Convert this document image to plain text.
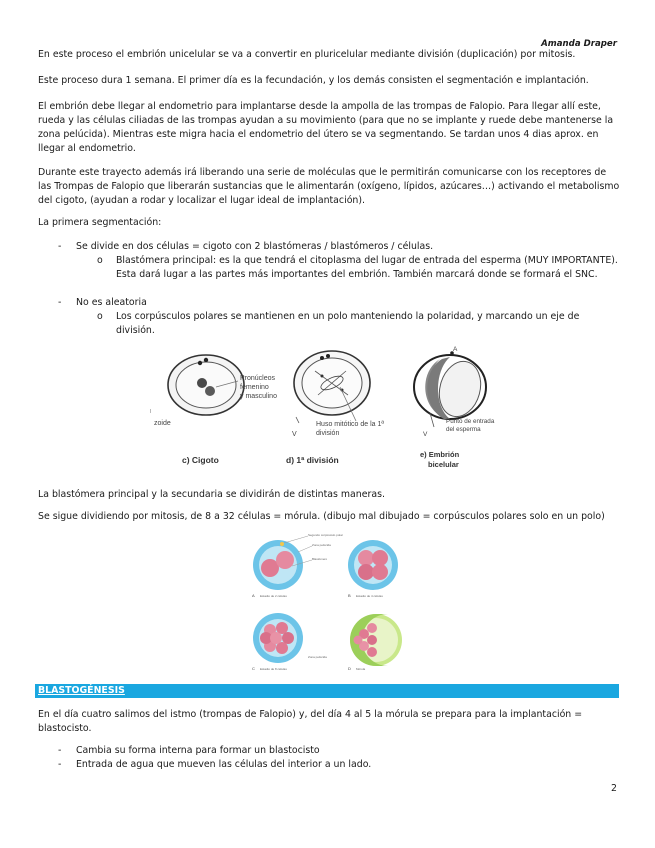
Amanda Draper

En este proceso el embrión unicelular se va a convertir en pluricelular mediante división (duplicación) por mitosis.

Este proceso dura 1 semana. El primer día es la fecundación, y los demás consisten el segmentación e implantación.

El embrión debe llegar al endometrio para implantarse desde la ampolla de las trompas de Falopio. Para llegar allí este, rueda y las células ciliadas de las trompas ayudan a su movimiento (para que no se implante y ruede debe mantenerse la zona pelúcida). Mientras este migra hacia el endometrio del útero se va segmentando. Se tardan unos 4 dias aprox. en llegar al endometrio.

Durante este trayecto además irá liberando una serie de moléculas que le permitirán comunicarse con los receptores de las Trompas de Falopio que liberarán sustancias que le alimentarán (oxígeno, lípidos, azúcares…) activando el metabolismo del cigoto, (ayudan a rodar y localizar el lugar ideal de implantación).

La primera segmentación:

- Se divide en dos células = cigoto con 2 blastómeras / blastómeros / células.

o Blastómera principal: es la que tendrá el citoplasma del lugar de entrada del esperma (MUY IMPORTANTE). Esta dará lugar a las partes más importantes del embrión. También marcará donde se formará el SNC.

- No es aleatoria

o Los corpúsculos polares se mantienen en un polo manteniendo la polaridad, y marcando un eje de división.

Pronúcleos
femenino
y masculino
zoide
c) Cigoto
V
Huso mitótico de la 1ª
división
d) 1ª división
A
V
Punto de entrada
del esperma
e) Embrión
bicelular

La blastómera principal y la secundaria se dividirán de distintas maneras.

Se sigue dividiendo por mitosis, de 8 a 32 células = mórula. (dibujo mal dibujado = corpúsculos polares solo en un polo)

Segundo corpúsculo polar
Zona pelúcida
Blastómero
A Estadio de 2 células	B Estadio de 4 células
C Estadio de 8 células
Zona pelúcida
D Mórula
BLASTOGÉNESIS

En el día cuatro salimos del istmo (trompas de Falopio) y, del día 4 al 5 la mórula se prepara para la implantación = blastocisto.

- Cambia su forma interna para formar un blastocisto

- Entrada de agua que mueven las células del interior a un lado.

2
